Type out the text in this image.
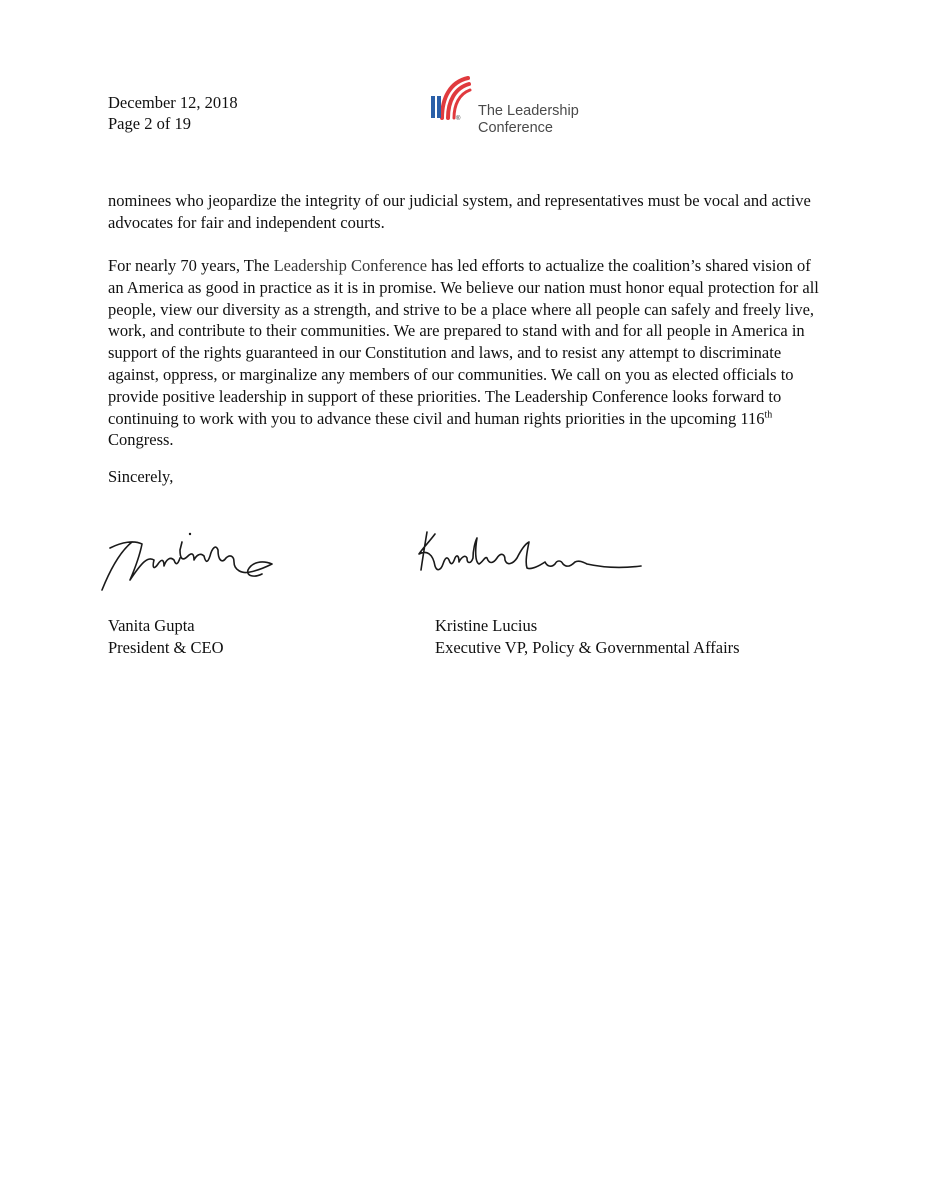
December 12, 2018
Page 2 of 19	® The Leadership
Conference

nominees who jeopardize the integrity of our judicial system, and representatives must be vocal and active advocates for fair and independent courts.

For nearly 70 years, The Leadership Conference has led efforts to actualize the coalition’s shared vision of an America as good in practice as it is in promise. We believe our nation must honor equal protection for all people, view our diversity as a strength, and strive to be a place where all people can safely and freely live, work, and contribute to their communities. We are prepared to stand with and for all people in America in support of the rights guaranteed in our Constitution and laws, and to resist any attempt to discriminate against, oppress, or marginalize any members of our communities. We call on you as elected officials to provide positive leadership in support of these priorities. The Leadership Conference looks forward to continuing to work with you to advance these civil and human rights priorities in the upcoming 116th Congress.

Sincerely,

Vanita Gupta
President & CEO
Kristine Lucius
Executive VP, Policy & Governmental Affairs
